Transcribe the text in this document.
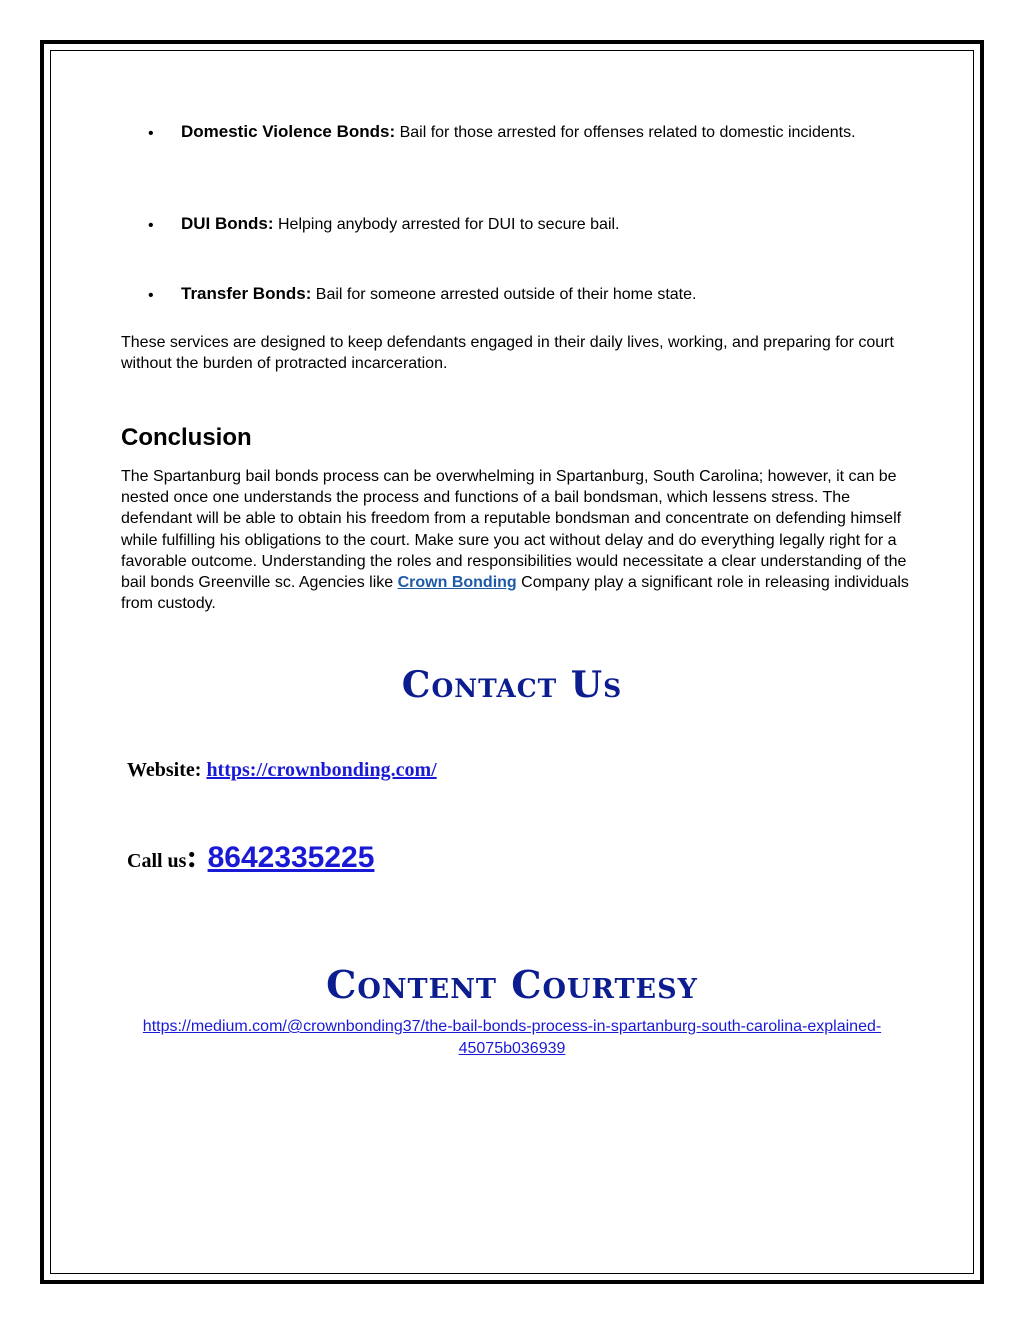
• Domestic Violence Bonds: Bail for those arrested for offenses related to domestic incidents.
• DUI Bonds: Helping anybody arrested for DUI to secure bail.
• Transfer Bonds: Bail for someone arrested outside of their home state.
These services are designed to keep defendants engaged in their daily lives, working, and preparing for court without the burden of protracted incarceration.
Conclusion
The Spartanburg bail bonds process can be overwhelming in Spartanburg, South Carolina; however, it can be nested once one understands the process and functions of a bail bondsman, which lessens stress. The defendant will be able to obtain his freedom from a reputable bondsman and concentrate on defending himself while fulfilling his obligations to the court. Make sure you act without delay and do everything legally right for a favorable outcome. Understanding the roles and responsibilities would necessitate a clear understanding of the bail bonds Greenville sc. Agencies like Crown Bonding Company play a significant role in releasing individuals from custody.
Contact Us
Website: https://crownbonding.com/
Call us: 8642335225
Content Courtesy
https://medium.com/@crownbonding37/the-bail-bonds-process-in-spartanburg-south-carolina-explained-45075b036939
